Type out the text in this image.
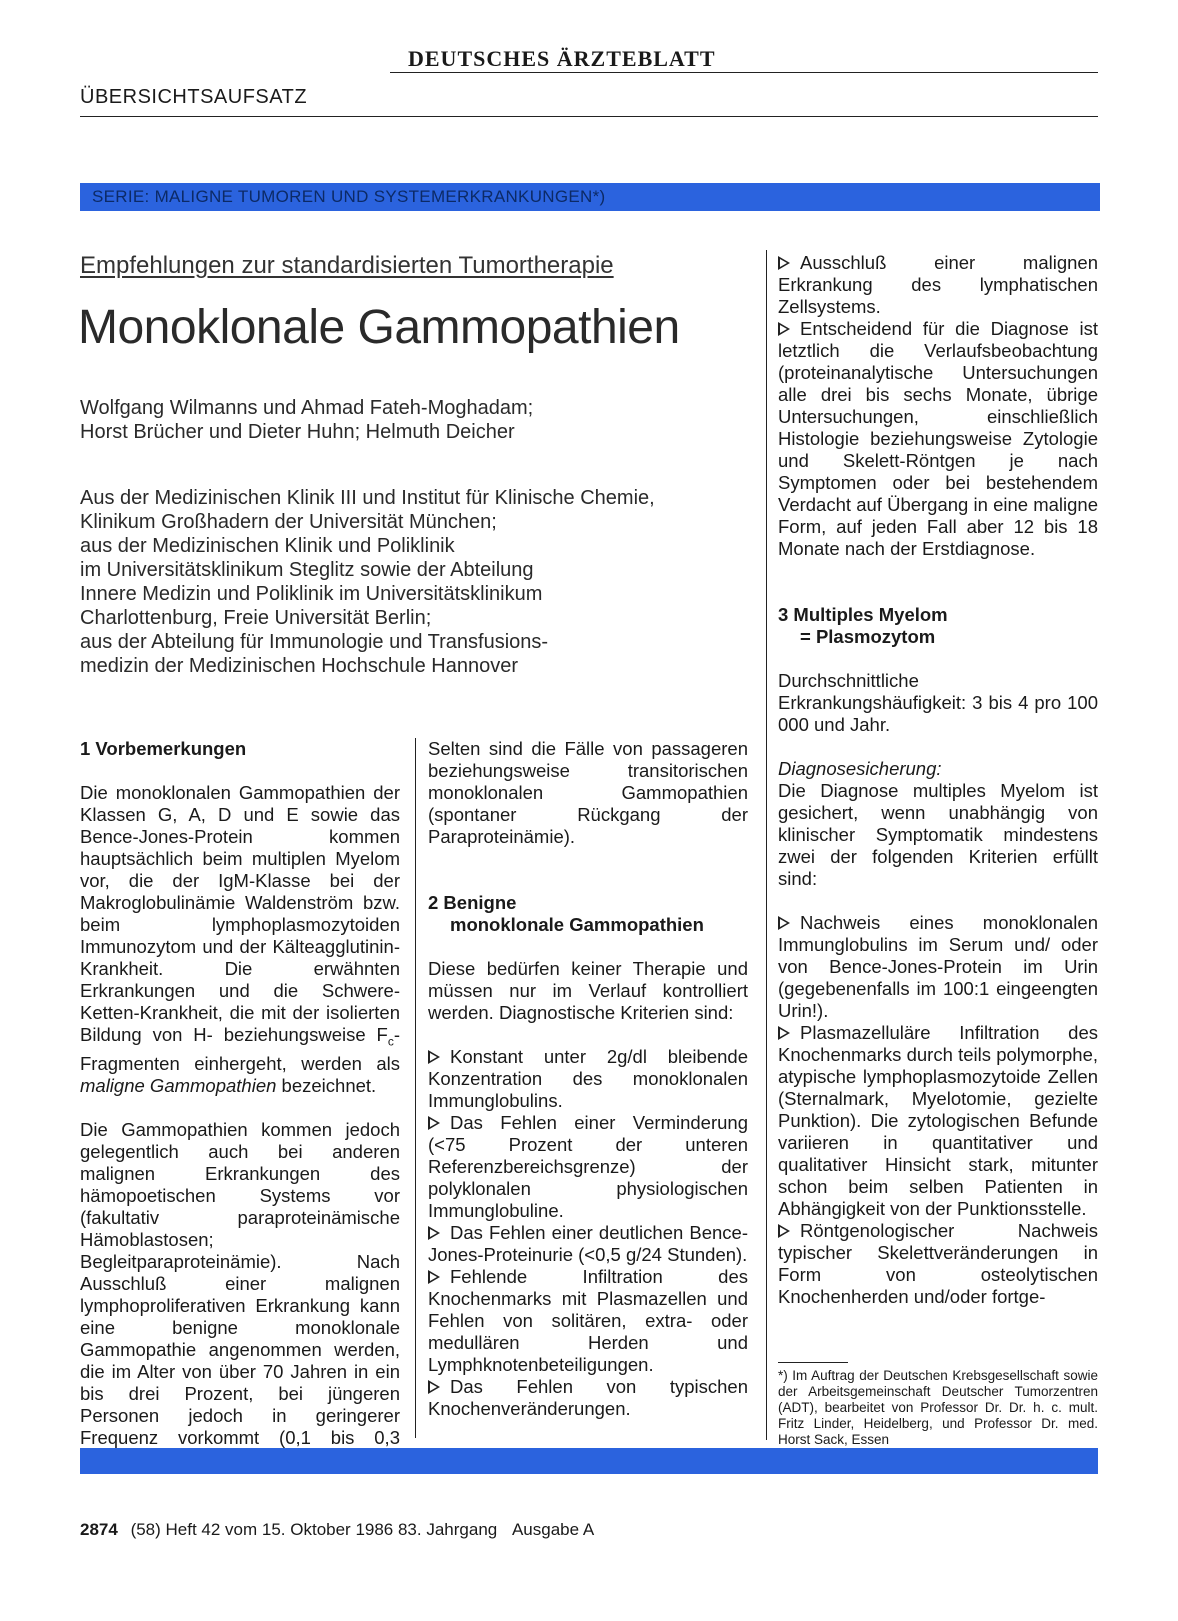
DEUTSCHES ÄRZTEBLATT
ÜBERSICHTSAUFSATZ
SERIE: MALIGNE TUMOREN UND SYSTEMERKRANKUNGEN*)
Empfehlungen zur standardisierten Tumortherapie
Monoklonale Gammopathien
Wolfgang Wilmanns und Ahmad Fateh-Moghadam;
Horst Brücher und Dieter Huhn; Helmuth Deicher
Aus der Medizinischen Klinik III und Institut für Klinische Chemie,
Klinikum Großhadern der Universität München;
aus der Medizinischen Klinik und Poliklinik
im Universitätsklinikum Steglitz sowie der Abteilung
Innere Medizin und Poliklinik im Universitätsklinikum
Charlottenburg, Freie Universität Berlin;
aus der Abteilung für Immunologie und Transfusions-
medizin der Medizinischen Hochschule Hannover

1 Vorbemerkungen

Die monoklonalen Gammopathien der Klassen G, A, D und E sowie das Bence-Jones-Protein kommen hauptsächlich beim multiplen Myelom vor, die der IgM-Klasse bei der Makroglobulinämie Waldenström bzw. beim lymphoplasmozytoiden Immunozytom und der Kälteagglutinin-Krankheit. Die erwähnten Erkrankungen und die Schwere-Ketten-Krankheit, die mit der isolierten Bildung von H- beziehungsweise $F_c$-Fragmenten einhergeht, werden als maligne Gammopathien bezeichnet.

Die Gammopathien kommen jedoch gelegentlich auch bei anderen malignen Erkrankungen des hämopoetischen Systems vor (fakultativ paraproteinämische Hämoblastosen; Begleitparaproteinämie). Nach Ausschluß einer malignen lymphoproliferativen Erkrankung kann eine benigne monoklonale Gammopathie angenommen werden, die im Alter von über 70 Jahren in ein bis drei Prozent, bei jüngeren Personen jedoch in geringerer Frequenz vorkommt (0,1 bis 0,3

Selten sind die Fälle von passageren beziehungsweise transitorischen monoklonalen Gammopathien (spontaner Rückgang der Paraproteinämie).

2 Benigne

monoklonale Gammopathien

Diese bedürfen keiner Therapie und müssen nur im Verlauf kontrolliert werden. Diagnostische Kriterien sind:

Konstant unter 2g/dl bleibende Konzentration des monoklonalen Immunglobulins.

Das Fehlen einer Verminderung (<75 Prozent der unteren Referenzbereichsgrenze) der polyklonalen physiologischen Immunglobuline.

Das Fehlen einer deutlichen Bence-Jones-Proteinurie (<0,5 g/24 Stunden).

Fehlende Infiltration des Knochenmarks mit Plasmazellen und Fehlen von solitären, extra- oder medullären Herden und Lymphknotenbeteiligungen.

Das Fehlen von typischen Knochenveränderungen.

Ausschluß einer malignen Erkrankung des lymphatischen Zellsystems.

Entscheidend für die Diagnose ist letztlich die Verlaufsbeobachtung (proteinanalytische Untersuchungen alle drei bis sechs Monate, übrige Untersuchungen, einschließlich Histologie beziehungsweise Zytologie und Skelett-Röntgen je nach Symptomen oder bei bestehendem Verdacht auf Übergang in eine maligne Form, auf jeden Fall aber 12 bis 18 Monate nach der Erstdiagnose.

3 Multiples Myelom

= Plasmozytom

Durchschnittliche Erkrankungshäufigkeit: 3 bis 4 pro 100 000 und Jahr.

Diagnosesicherung:

Die Diagnose multiples Myelom ist gesichert, wenn unabhängig von klinischer Symptomatik mindestens zwei der folgenden Kriterien erfüllt sind:

Nachweis eines monoklonalen Immunglobulins im Serum und/ oder von Bence-Jones-Protein im Urin (gegebenenfalls im 100:1 eingeengten Urin!).

Plasmazelluläre Infiltration des Knochenmarks durch teils polymorphe, atypische lymphoplasmozytoide Zellen (Sternalmark, Myelotomie, gezielte Punktion). Die zytologischen Befunde variieren in quantitativer und qualitativer Hinsicht stark, mitunter schon beim selben Patienten in Abhängigkeit von der Punktionsstelle.

Röntgenologischer Nachweis typischer Skelettveränderungen in Form von osteolytischen Knochenherden und/oder fortge-

*) Im Auftrag der Deutschen Krebsgesellschaft sowie der Arbeitsgemeinschaft Deutscher Tumorzentren (ADT), bearbeitet von Professor Dr. Dr. h. c. mult. Fritz Linder, Heidelberg, und Professor Dr. med. Horst Sack, Essen
2874 (58) Heft 42 vom 15. Oktober 1986 83. Jahrgang Ausgabe A
